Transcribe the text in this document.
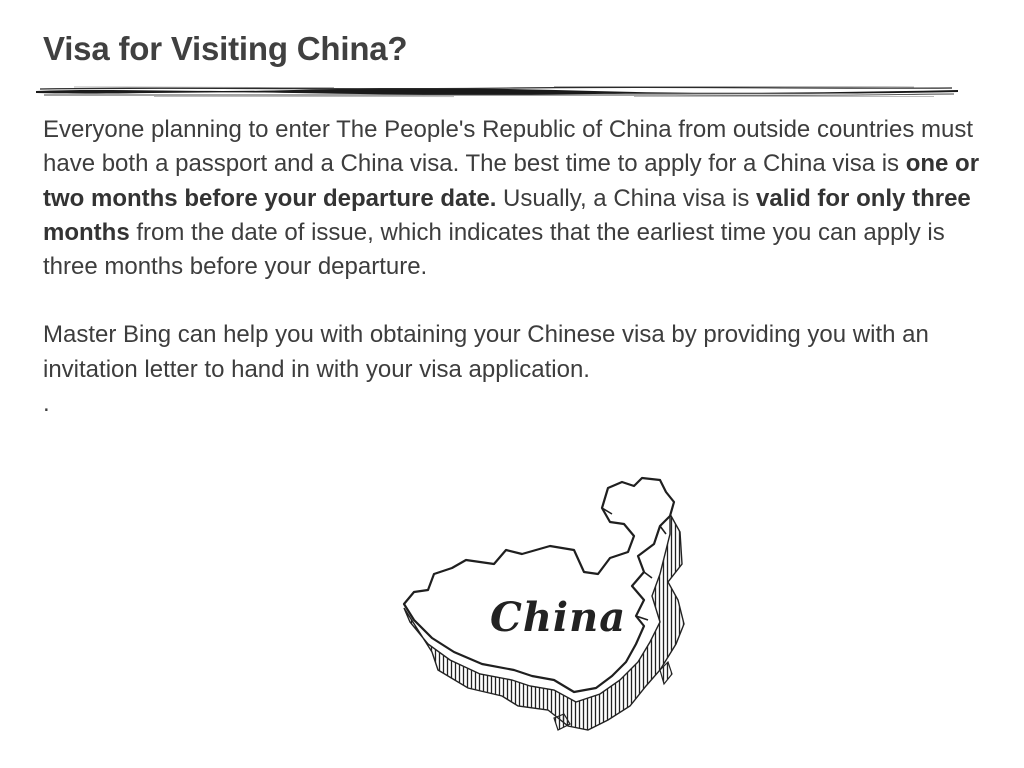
Visa for Visiting China?

Everyone planning to enter The People's Republic of China from outside countries must have both a passport and a China visa. The best time to apply for a China visa is one or two months before your departure date. Usually, a China visa is valid for only three months from the date of issue, which indicates that the earliest time you can apply is three months before your departure.

Master Bing can help you with obtaining your Chinese visa by providing you with an invitation letter to hand in with your visa application.

.

China
